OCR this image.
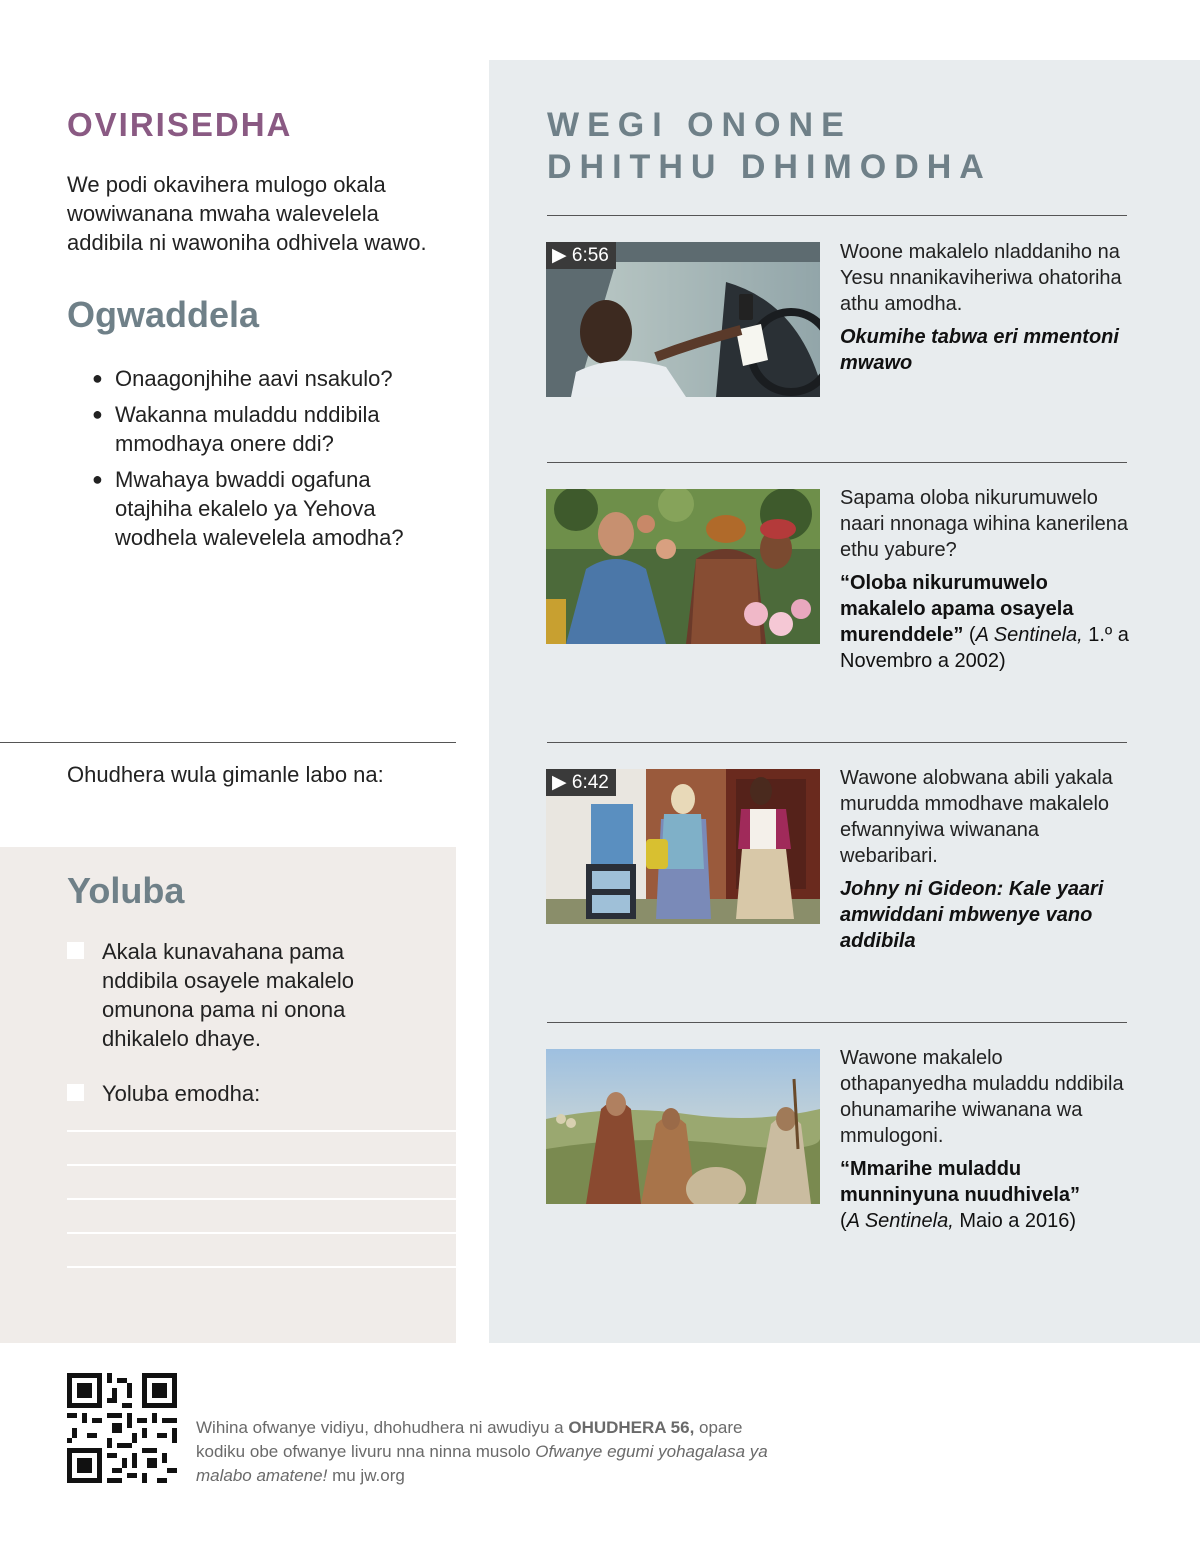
OVIRISEDHA

We podi okavihera mulogo okala wowiwanana mwaha walevelela addibila ni wawoniha odhivela wawo.

Ogwaddela
● Onaagonjhihe aavi nsakulo?
● Wakanna muladdu nddibila mmodhaya onere ddi?
● Mwahaya bwaddi ogafuna otajhiha ekalelo ya Yehova wodhela walevelela amodha?

Ohudhera wula gimanle labo na:

Yoluba
Akala kunavahana pama nddibila osayele makalelo omunona pama ni onona dhikalelo dhaye.
Yoluba emodha:
WEGI ONONE
DHITHU DHIMODHA
▶ 6:56	Woone makalelo nladdaniho na Yesu nnanikaviheriwa ohatoriha athu amodha.

Okumihe tabwa eri mmentoni mwawo

Sapama oloba nikurumuwelo naari nnonaga wihina kanerilena ethu yabure?

“Oloba nikurumuwelo makalelo apama osayela murenddele” (A Sentinela, 1.º a Novembro a 2002)

▶ 6:42	Wawone alobwana abili yakala murudda mmodhave makalelo efwannyiwa wiwanana webaribari.

Johny ni Gideon: Kale yaari amwiddani mbwenye vano addibila

Wawone makalelo othapanyedha muladdu nddibila ohunamarihe wiwanana wa mmulogoni.

“Mmarihe muladdu munninyuna nuudhivela”
(A Sentinela, Maio a 2016)

Wihina ofwanye vidiyu, dhohudhera ni awudiyu a OHUDHERA 56, opare kodiku obe ofwanye livuru nna ninna musolo Ofwanye egumi yohagalasa ya malabo amatene! mu jw.org
